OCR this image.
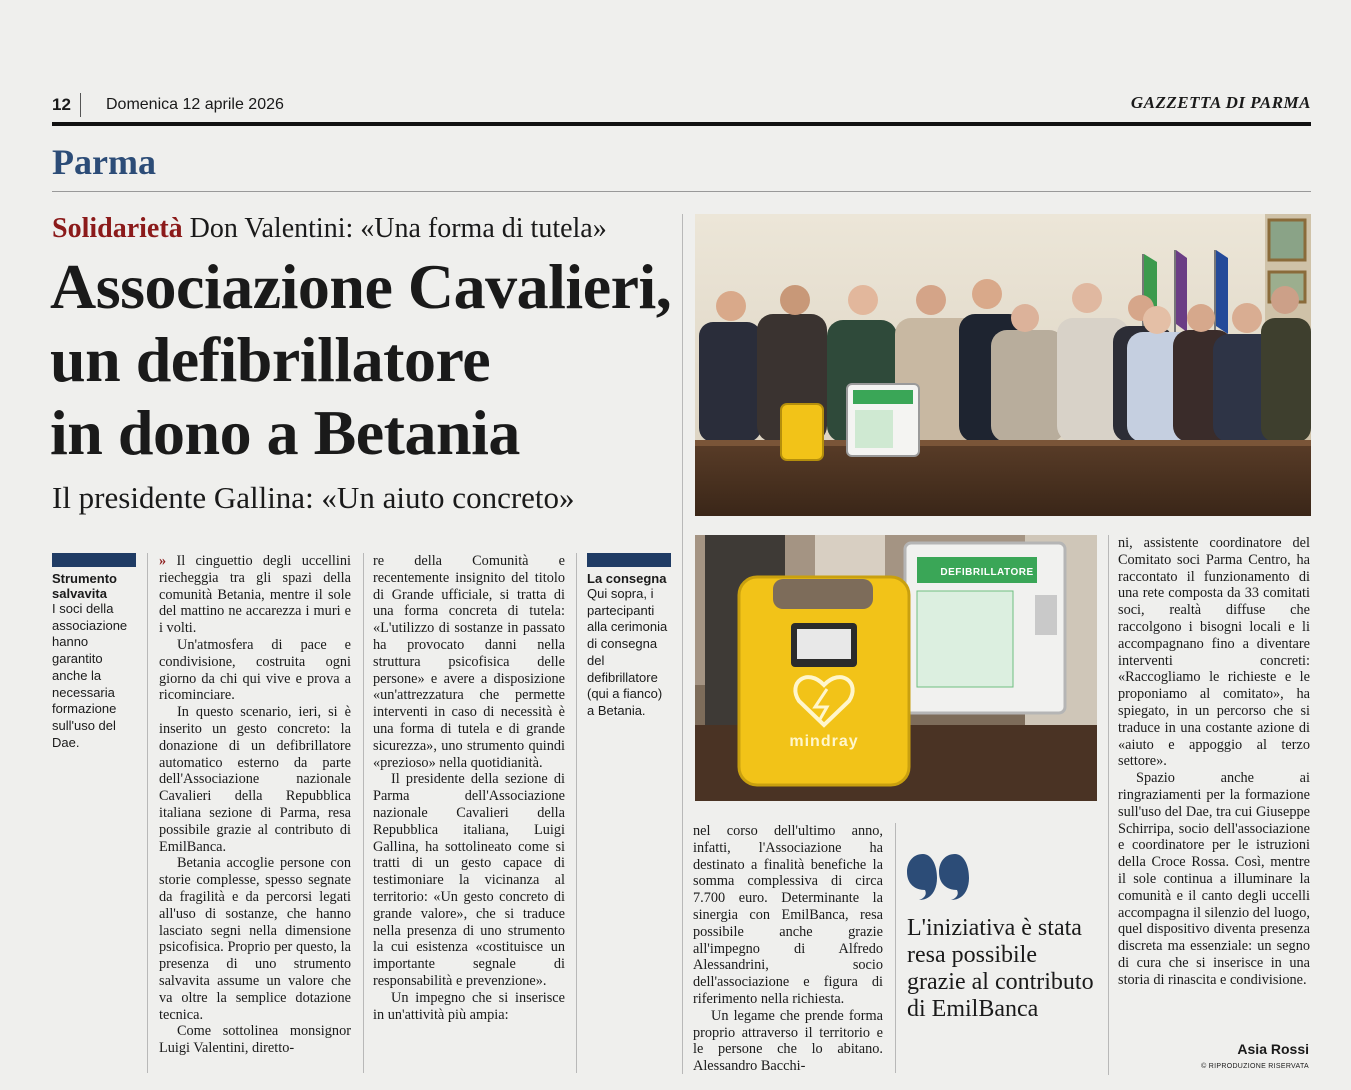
12 Domenica 12 aprile 2026	GAZZETTA DI PARMA
Parma
Solidarietà Don Valentini: «Una forma di tutela»
Associazione Cavalieri,
un defibrillatore
in dono a Betania
Il presidente Gallina: «Un aiuto concreto»
Strumento salvavita
I soci della associazione hanno garantito anche la necessaria formazione sull'uso del Dae.

» Il cinguettio degli uccellini riecheggia tra gli spazi della comunità Betania, mentre il sole del mattino ne accarezza i muri e i volti.

Un'atmosfera di pace e condivisione, costruita ogni giorno da chi qui vive e prova a ricominciare.

In questo scenario, ieri, si è inserito un gesto concreto: la donazione di un defibrillatore automatico esterno da parte dell'Associazione nazionale Cavalieri della Repubblica italiana sezione di Parma, resa possibile grazie al contributo di EmilBanca.

Betania accoglie persone con storie complesse, spesso segnate da fragilità e da percorsi legati all'uso di sostanze, che hanno lasciato segni nella dimensione psicofisica. Proprio per questo, la presenza di uno strumento salvavita assume un valore che va oltre la semplice dotazione tecnica.

Come sottolinea monsignor Luigi Valentini, diretto-

re della Comunità e recentemente insignito del titolo di Grande ufficiale, si tratta di una forma concreta di tutela: «L'utilizzo di sostanze in passato ha provocato danni nella struttura psicofisica delle persone» e avere a disposizione «un'attrezzatura che permette interventi in caso di necessità è una forma di tutela e di grande sicurezza», uno strumento quindi «prezioso» nella quotidianità.

Il presidente della sezione di Parma dell'Associazione nazionale Cavalieri della Repubblica italiana, Luigi Gallina, ha sottolineato come si tratti di un gesto capace di testimoniare la vicinanza al territorio: «Un gesto concreto di grande valore», che si traduce nella presenza di uno strumento la cui esistenza «costituisce un importante segnale di responsabilità e prevenzione».

Un impegno che si inserisce in un'attività più ampia:

La consegna
Qui sopra, i partecipanti alla cerimonia di consegna del defibrillatore (qui a fianco) a Betania.
DEFIBRILLATORE
mindray

nel corso dell'ultimo anno, infatti, l'Associazione ha destinato a finalità benefiche la somma complessiva di circa 7.700 euro. Determinante la sinergia con EmilBanca, resa possibile anche grazie all'impegno di Alfredo Alessandrini, socio dell'associazione e figura di riferimento nella richiesta.

Un legame che prende forma proprio attraverso il territorio e le persone che lo abitano. Alessandro Bacchi-

L'iniziativa è stata resa possibile grazie al contributo di EmilBanca

ni, assistente coordinatore del Comitato soci Parma Centro, ha raccontato il funzionamento di una rete composta da 33 comitati soci, realtà diffuse che raccolgono i bisogni locali e li accompagnano fino a diventare interventi concreti: «Raccogliamo le richieste e le proponiamo al comitato», ha spiegato, in un percorso che si traduce in una costante azione di «aiuto e appoggio al terzo settore».

Spazio anche ai ringraziamenti per la formazione sull'uso del Dae, tra cui Giuseppe Schirripa, socio dell'associazione e coordinatore per le istruzioni della Croce Rossa. Così, mentre il sole continua a illuminare la comunità e il canto degli uccelli accompagna il silenzio del luogo, quel dispositivo diventa presenza discreta ma essenziale: un segno di cura che si inserisce in una storia di rinascita e condivisione.

Asia Rossi
© RIPRODUZIONE RISERVATA
